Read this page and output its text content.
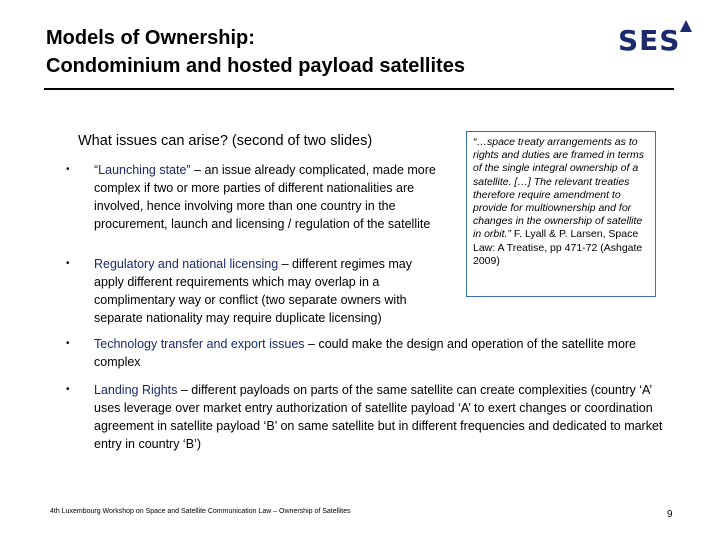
Models of Ownership:
Condominium and hosted payload satellites
SES
What issues can arise? (second of two slides)
• “Launching state” – an issue already complicated, made more complex if two or more parties of different nationalities are involved, hence involving more than one country in the procurement, launch and licensing / regulation of the satellite
• Regulatory and national licensing – different regimes may apply different requirements which may overlap in a complimentary way or conflict (two separate owners with separate nationality may require duplicate licensing)
• Technology transfer and export issues – could make the design and operation of the satellite more complex
• Landing Rights – different payloads on parts of the same satellite can create complexities (country ‘A’ uses leverage over market entry authorization of satellite payload ‘A’ to exert changes or coordination agreement in satellite payload ‘B’ on same satellite but in different frequencies and dedicated to market entry in country ‘B’)
“…space treaty arrangements as to rights and duties are framed in terms of the single integral ownership of a satellite. […] The relevant treaties therefore require amendment to provide for multiownership and for changes in the ownership of satellite in orbit.” F. Lyall & P. Larsen, Space Law: A Treatise, pp 471-72 (Ashgate 2009)
4th Luxembourg Workshop on Space and Satellite Communication Law – Ownership of Satellites	9
